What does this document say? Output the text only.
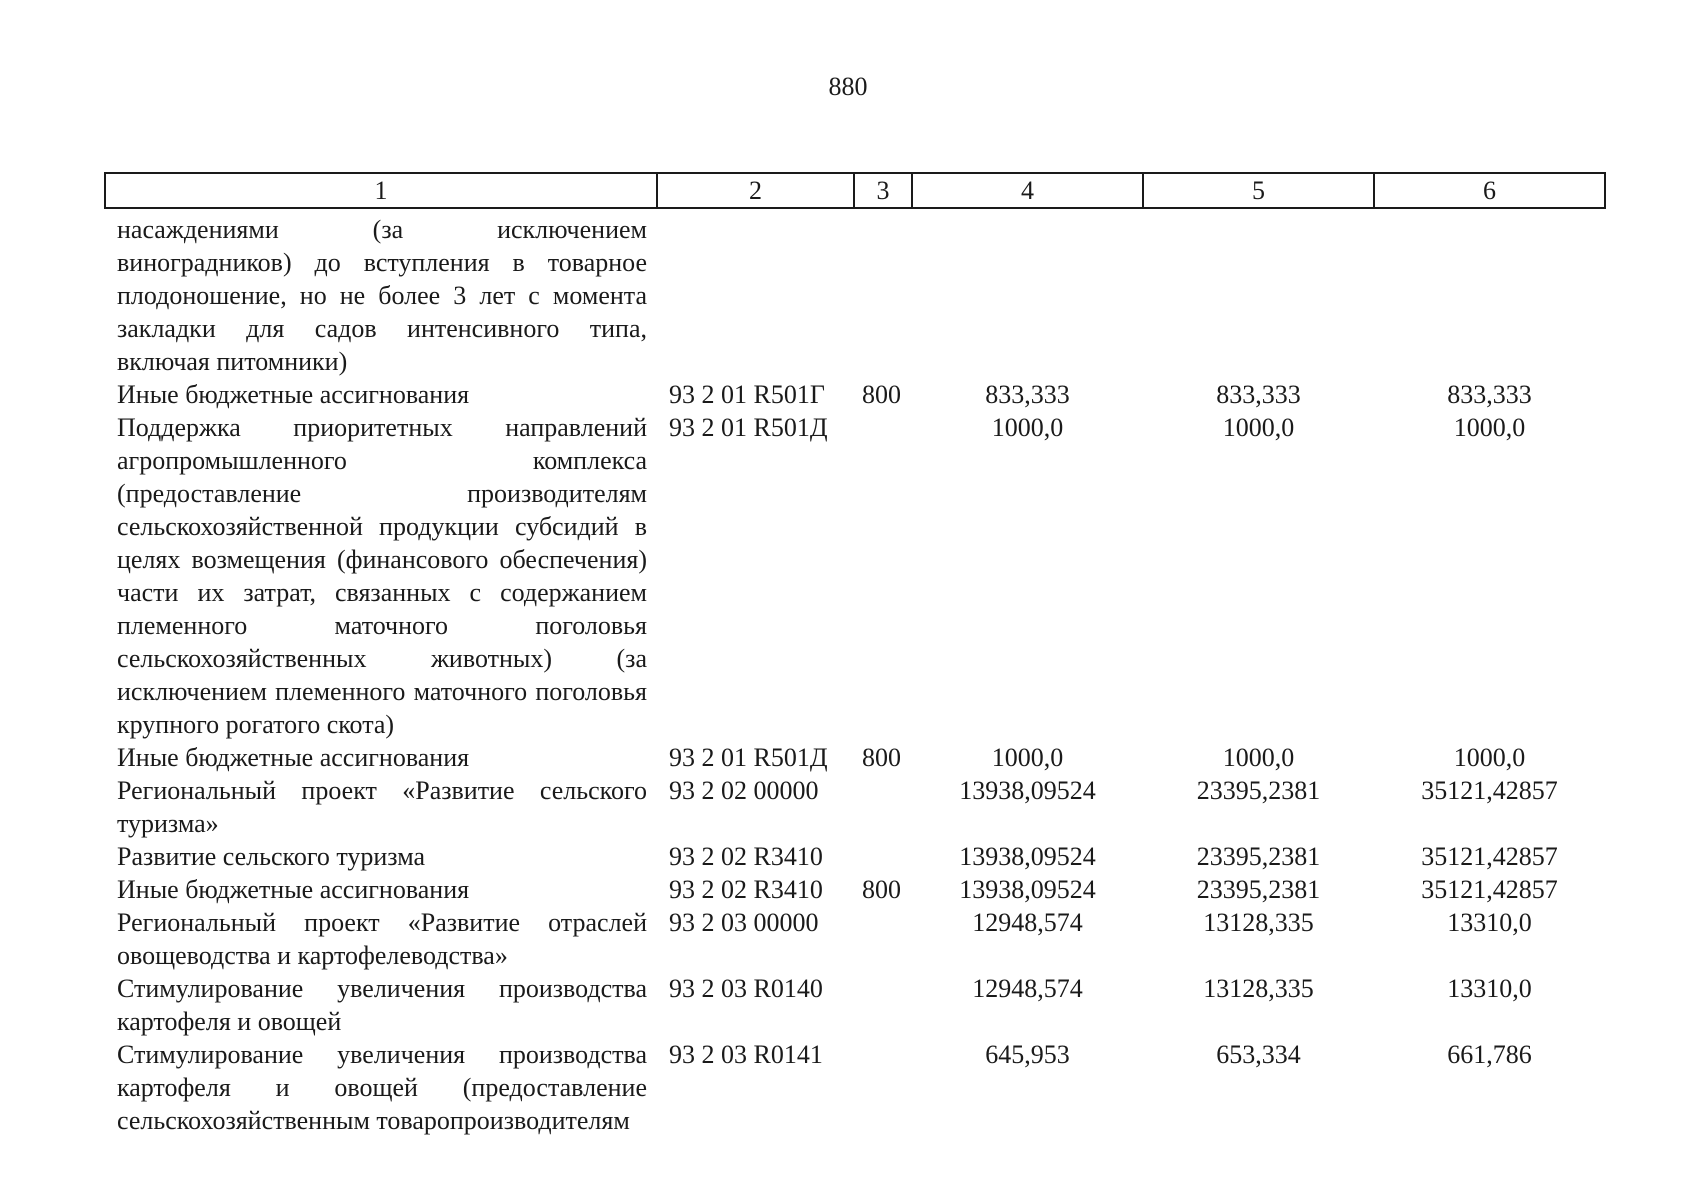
880
1	2	3	4	5	6
насаждениями (за исключением виноградников) до вступления в товарное плодоношение, но не более 3 лет с момента закладки для садов интенсивного типа, включая питомники)					
Иные бюджетные ассигнования	93 2 01 R501Г	800	833,333	833,333	833,333
Поддержка приоритетных направлений агропромышленного комплекса (предоставление производителям сельскохозяйственной продукции субсидий в целях возмещения (финансового обеспечения) части их затрат, связанных с содержанием племенного маточного поголовья сельскохозяйственных животных) (за исключением племенного маточного поголовья крупного рогатого скота)	93 2 01 R501Д		1000,0	1000,0	1000,0
Иные бюджетные ассигнования	93 2 01 R501Д	800	1000,0	1000,0	1000,0
Региональный проект «Развитие сельского туризма»	93 2 02 00000		13938,09524	23395,2381	35121,42857
Развитие сельского туризма	93 2 02 R3410		13938,09524	23395,2381	35121,42857
Иные бюджетные ассигнования	93 2 02 R3410	800	13938,09524	23395,2381	35121,42857
Региональный проект «Развитие отраслей овощеводства и картофелеводства»	93 2 03 00000		12948,574	13128,335	13310,0
Стимулирование увеличения производства картофеля и овощей	93 2 03 R0140		12948,574	13128,335	13310,0
Стимулирование увеличения производства картофеля и овощей (предоставление сельскохозяйственным товаропроизводителям	93 2 03 R0141		645,953	653,334	661,786
